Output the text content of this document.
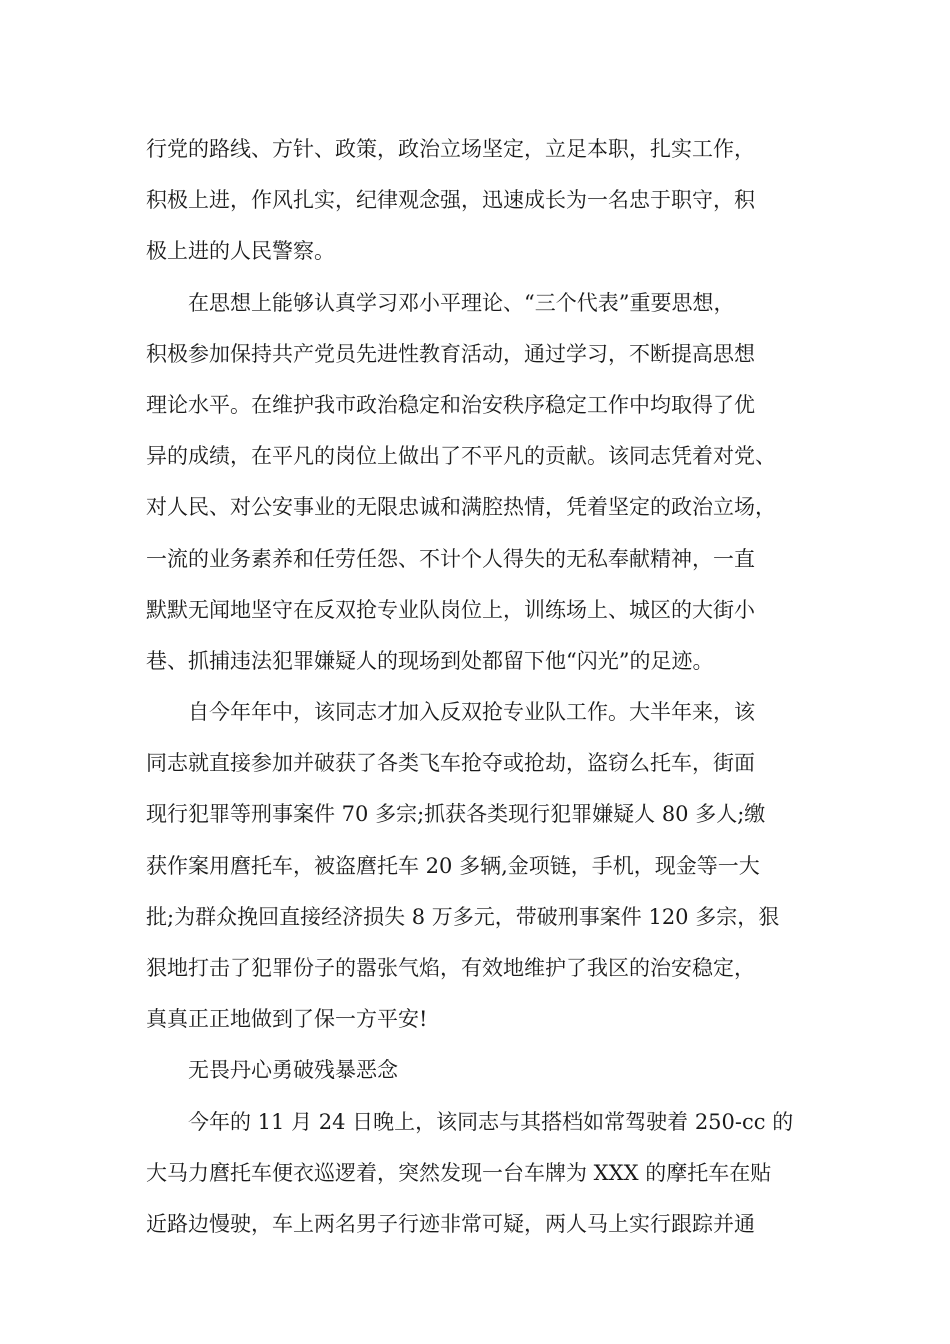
行党的路线、方针、政策，政治立场坚定，立足本职，扎实工作，
积极上进，作风扎实，纪律观念强，迅速成长为一名忠于职守，积
极上进的人民警察。
在思想上能够认真学习邓小平理论、“三个代表”重要思想，
积极参加保持共产党员先进性教育活动，通过学习，不断提高思想
理论水平。在维护我市政治稳定和治安秩序稳定工作中均取得了优
异的成绩，在平凡的岗位上做出了不平凡的贡献。该同志凭着对党、
对人民、对公安事业的无限忠诚和满腔热情，凭着坚定的政治立场，
一流的业务素养和任劳任怨、不计个人得失的无私奉献精神，一直
默默无闻地坚守在反双抢专业队岗位上，训练场上、城区的大街小
巷、抓捕违法犯罪嫌疑人的现场到处都留下他“闪光”的足迹。
自今年年中，该同志才加入反双抢专业队工作。大半年来，该
同志就直接参加并破获了各类飞车抢夺或抢劫，盗窃么托车，街面
现行犯罪等刑事案件 70 多宗;抓获各类现行犯罪嫌疑人 80 多人;缴
获作案用麿托车，被盗麿托车 20 多辆,金项链，手机，现金等一大
批;为群众挽回直接经济损失 8 万多元，带破刑事案件 120 多宗，狠
狠地打击了犯罪份子的嚣张气焰，有效地维护了我区的治安稳定，
真真正正地做到了保一方平安!
无畏丹心勇破残暴恶念
今年的 11 月 24 日晚上，该同志与其搭档如常驾驶着 250-cc 的
大马力麿托车便衣巡逻着，突然发现一台车牌为 XXX 的摩托车在贴
近路边慢驶，车上两名男子行迹非常可疑，两人马上实行跟踪并通
